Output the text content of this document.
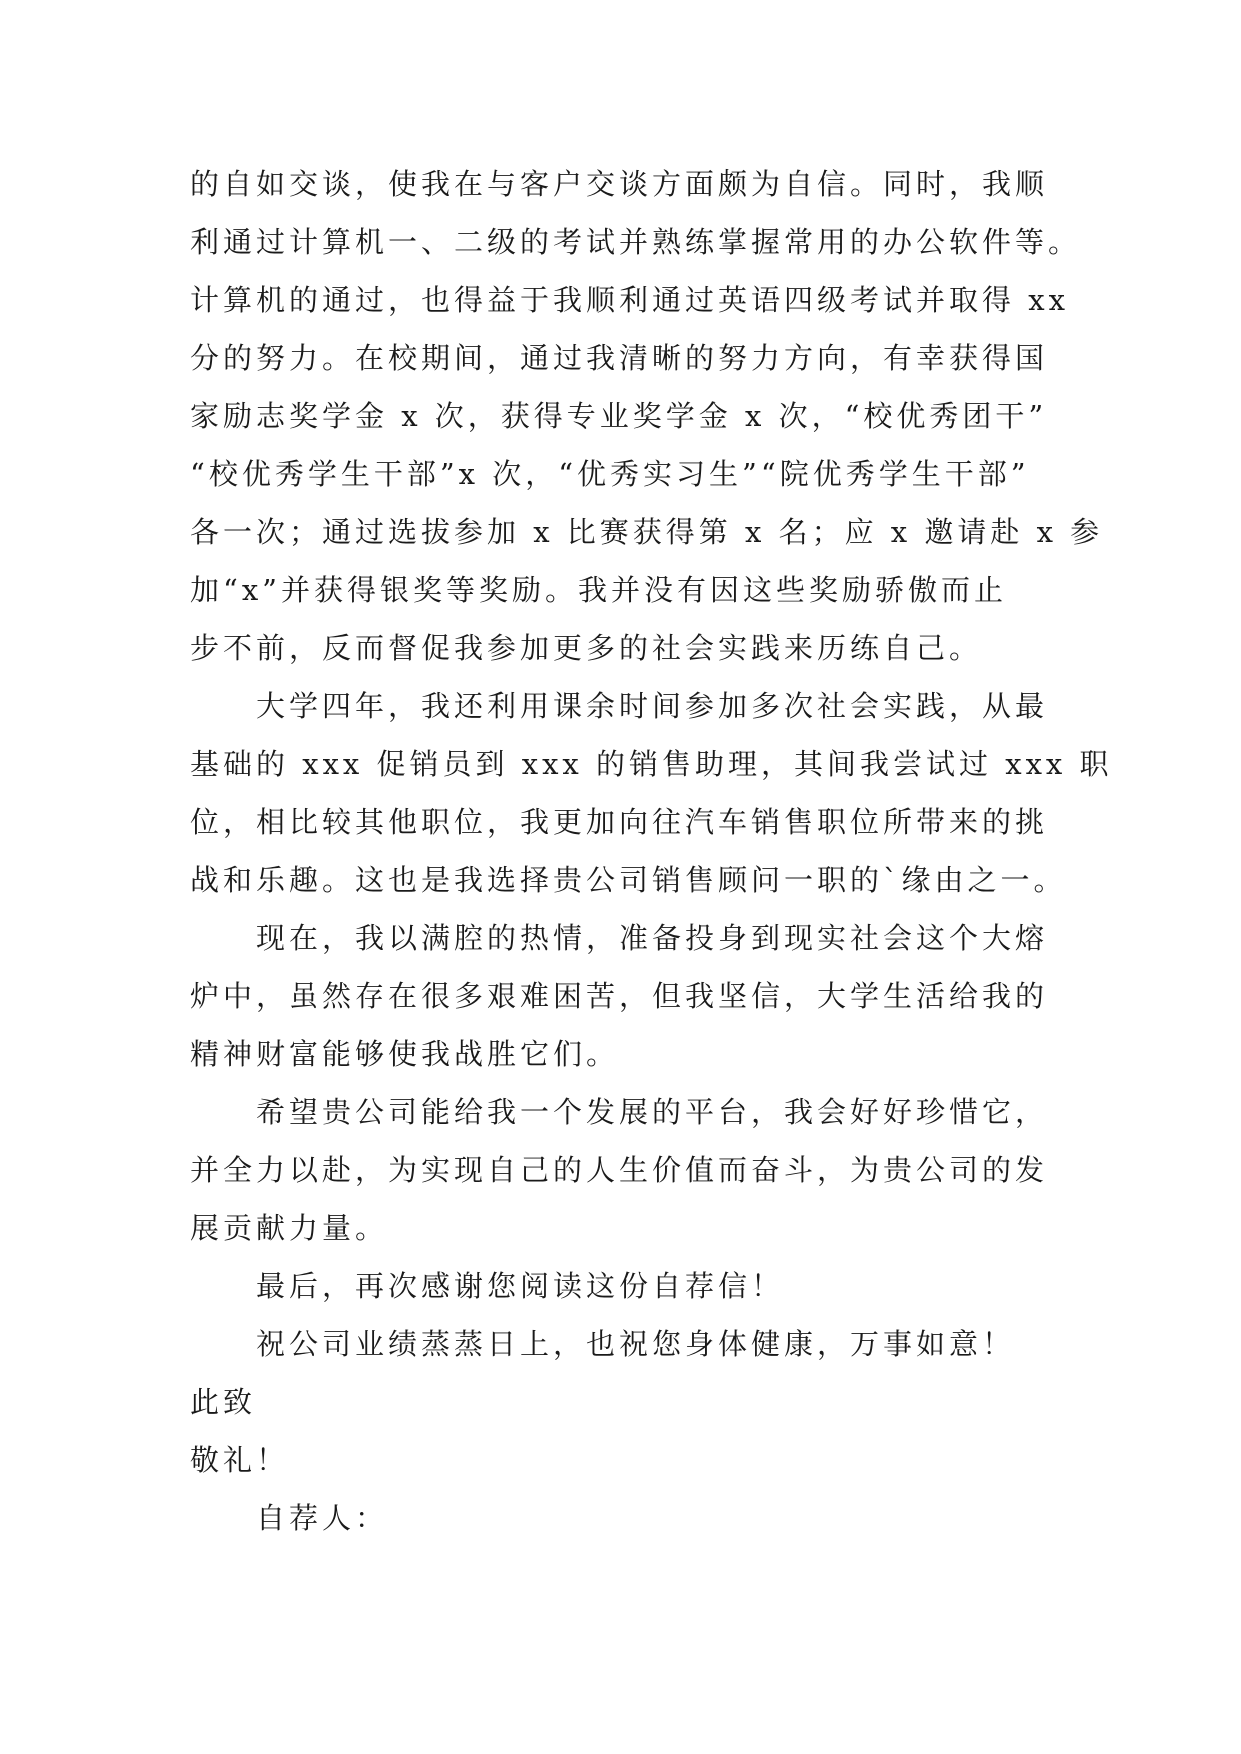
的自如交谈，使我在与客户交谈方面颇为自信。同时，我顺
利通过计算机一、二级的考试并熟练掌握常用的办公软件等。
计算机的通过，也得益于我顺利通过英语四级考试并取得 xx
分的努力。在校期间，通过我清晰的努力方向，有幸获得国
家励志奖学金 x 次，获得专业奖学金 x 次，“校优秀团干”
“校优秀学生干部”x 次，“优秀实习生”“院优秀学生干部”
各一次；通过选拔参加 x 比赛获得第 x 名；应 x 邀请赴 x 参
加“x”并获得银奖等奖励。我并没有因这些奖励骄傲而止
步不前，反而督促我参加更多的社会实践来历练自己。
大学四年，我还利用课余时间参加多次社会实践，从最
基础的 xxx 促销员到 xxx 的销售助理，其间我尝试过 xxx 职
位，相比较其他职位，我更加向往汽车销售职位所带来的挑
战和乐趣。这也是我选择贵公司销售顾问一职的`缘由之一。
现在，我以满腔的热情，准备投身到现实社会这个大熔
炉中，虽然存在很多艰难困苦，但我坚信，大学生活给我的
精神财富能够使我战胜它们。
希望贵公司能给我一个发展的平台，我会好好珍惜它，
并全力以赴，为实现自己的人生价值而奋斗，为贵公司的发
展贡献力量。
最后，再次感谢您阅读这份自荐信！
祝公司业绩蒸蒸日上，也祝您身体健康，万事如意！
此致
敬礼！
自荐人：
